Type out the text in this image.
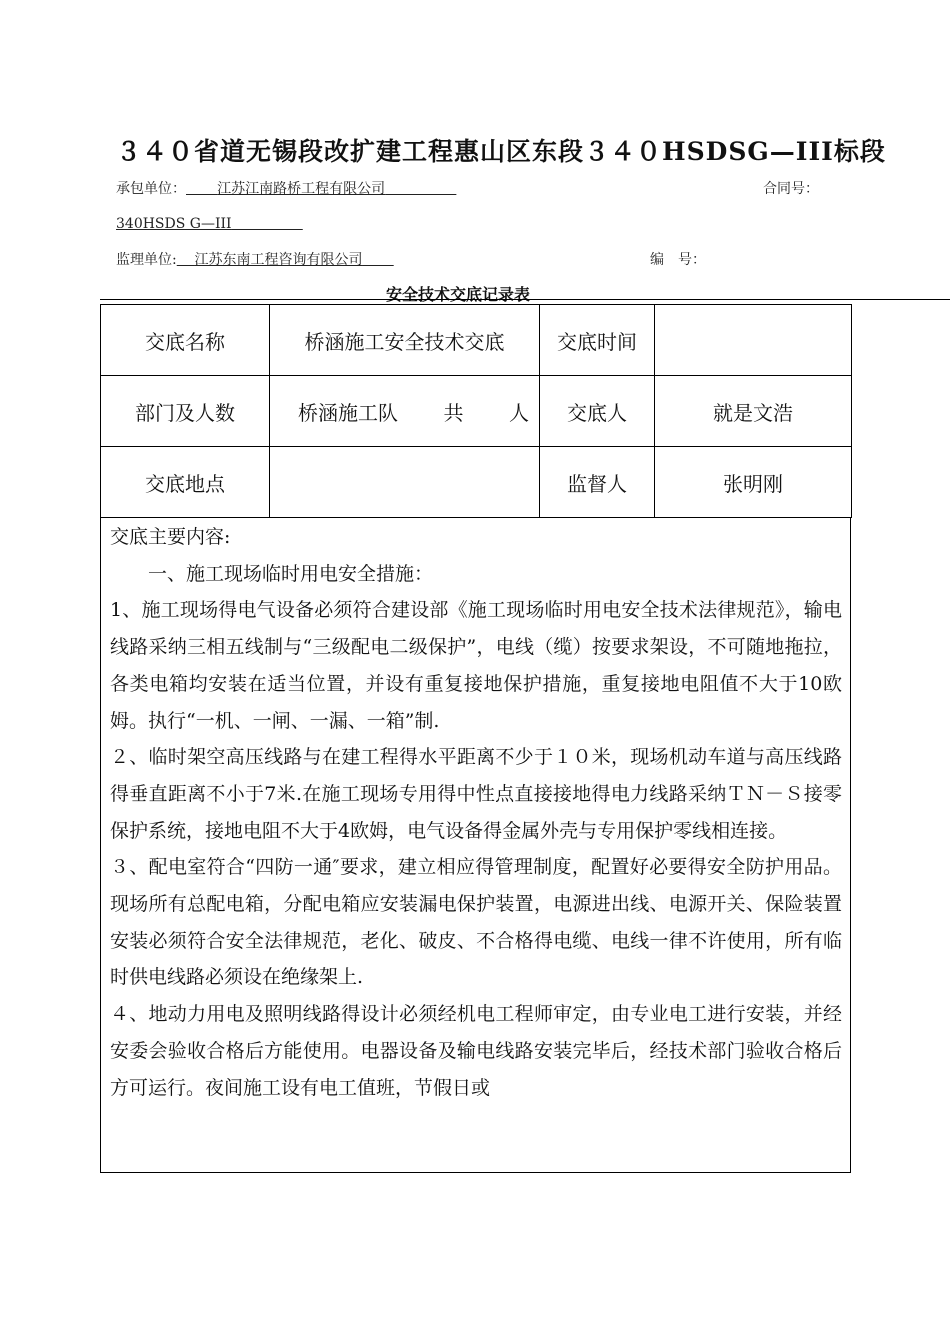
３４０省道无锡段改扩建工程惠山区东段３４０HSDSG—III标段
承包单位： 江苏江南路桥工程有限公司	合同号：
340HSDS G—III
监理单位: 江苏东南工程咨询有限公司	编　号：
安全技术交底记录表
交底名称	桥涵施工安全技术交底	交底时间	
部门及人数	桥涵施工队 共 人	交底人	就是文浩
交底地点		监督人	张明刚

交底主要内容:

一、施工现场临时用电安全措施：

1、施工现场得电气设备必须符合建设部《施工现场临时用电安全技术法律规范》，输电线路采纳三相五线制与“三级配电二级保护”，电线（缆）按要求架设，不可随地拖拉，各类电箱均安装在适当位置，并设有重复接地保护措施，重复接地电阻值不大于10欧姆。执行“一机、一闸、一漏、一箱”制.

２、临时架空高压线路与在建工程得水平距离不少于１０米，现场机动车道与高压线路得垂直距离不小于7米.在施工现场专用得中性点直接接地得电力线路采纳ＴＮ－Ｓ接零保护系统，接地电阻不大于4欧姆，电气设备得金属外壳与专用保护零线相连接。

３、配电室符合“四防一通″要求，建立相应得管理制度，配置好必要得安全防护用品。现场所有总配电箱，分配电箱应安装漏电保护装置，电源进出线、电源开关、保险装置安装必须符合安全法律规范，老化、破皮、不合格得电缆、电线一律不许使用，所有临时供电线路必须设在绝缘架上.

４、地动力用电及照明线路得设计必须经机电工程师审定，由专业电工进行安装，并经安委会验收合格后方能使用。电器设备及输电线路安装完毕后，经技术部门验收合格后方可运行。夜间施工设有电工值班，节假日或
